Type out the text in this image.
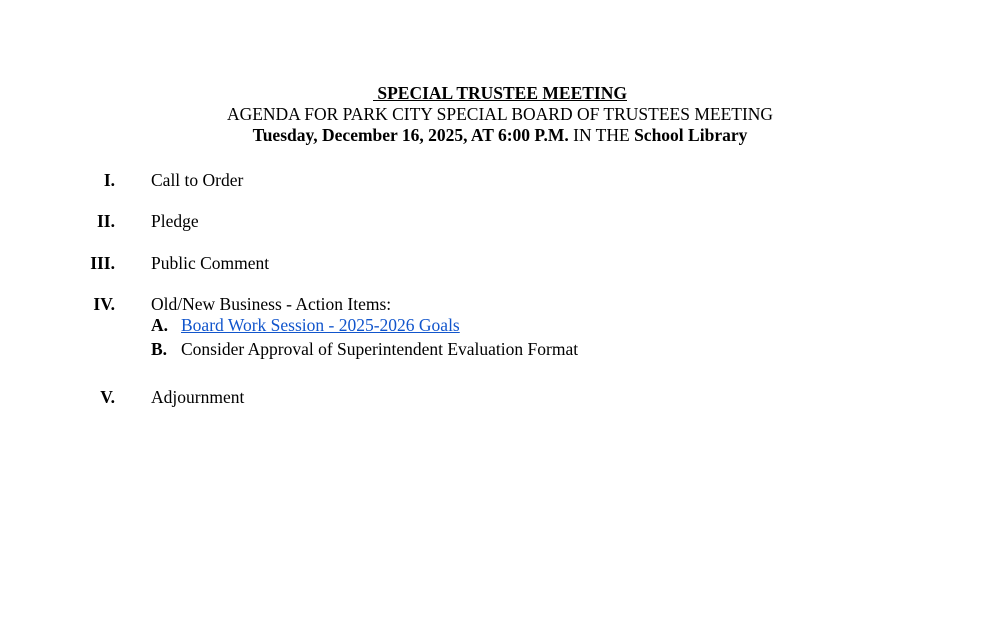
SPECIAL TRUSTEE MEETING
AGENDA FOR PARK CITY SPECIAL BOARD OF TRUSTEES MEETING
Tuesday, December 16, 2025, AT 6:00 P.M. IN THE School Library
I. Call to Order
II. Pledge
III. Public Comment
IV. Old/New Business - Action Items:
A. Board Work Session - 2025-2026 Goals
B. Consider Approval of Superintendent Evaluation Format
V. Adjournment
